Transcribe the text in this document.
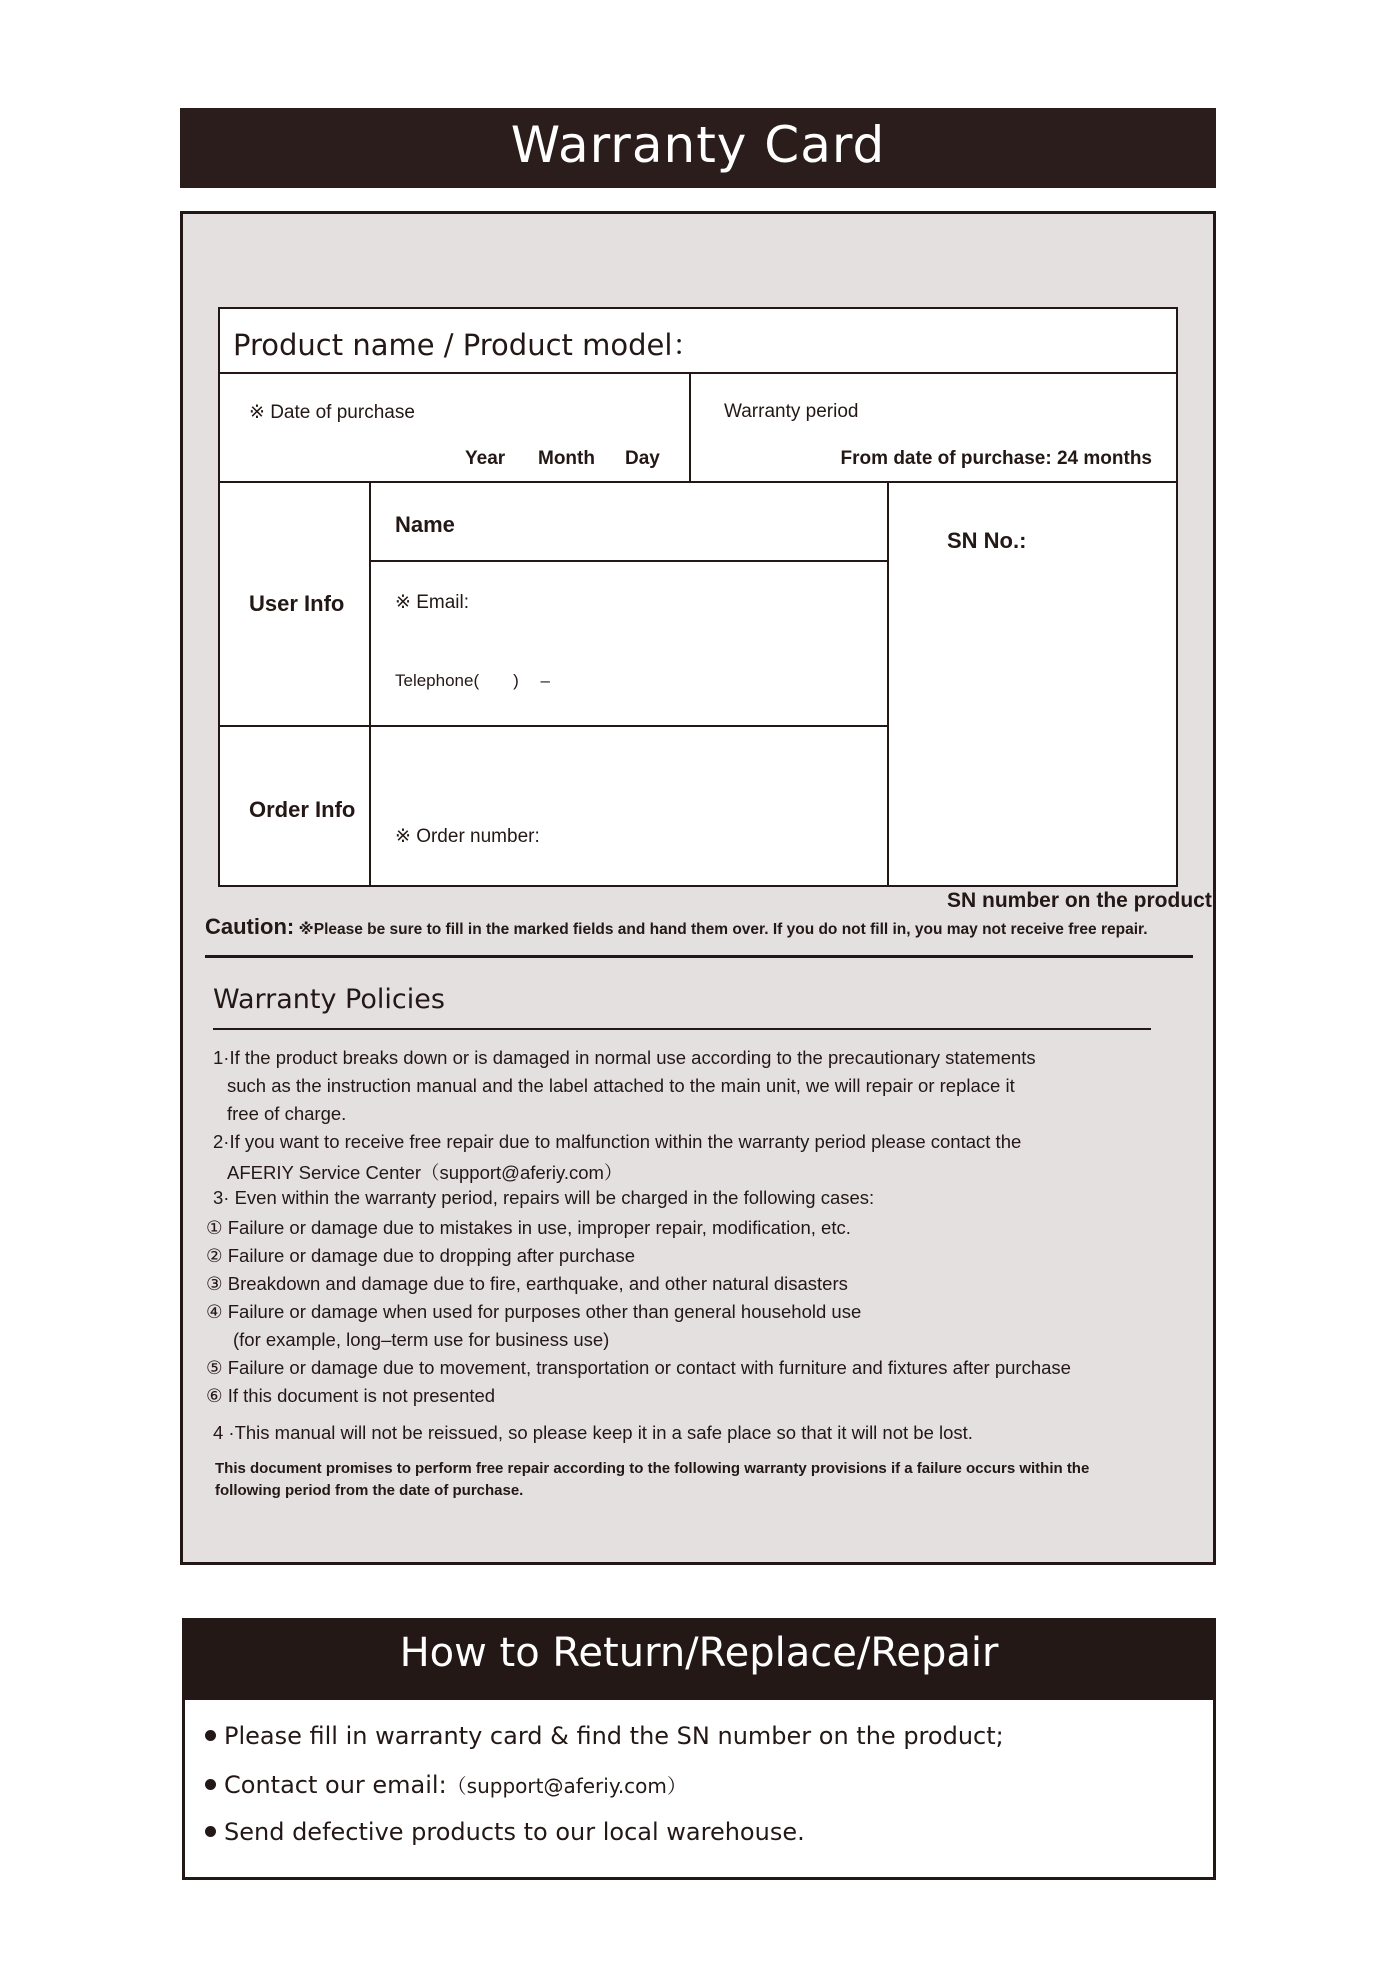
Warranty Card
Product name / Product model：
※ Date of purchase
Year Month Day
Warranty period
From date of purchase: 24 months
User Info
Name
※ Email:
Telephone(　　)　 –
SN No.:
Order Info
※ Order number:
SN number on the product
Caution: ※Please be sure to fill in the marked fields and hand them over. If you do not fill in, you may not receive free repair.
Warranty Policies
1·If the product breaks down or is damaged in normal use according to the precautionary statements
such as the instruction manual and the label attached to the main unit, we will repair or replace it
free of charge.
2·If you want to receive free repair due to malfunction within the warranty period please contact the
AFERIY Service Center（support@aferiy.com）
3· Even within the warranty period, repairs will be charged in the following cases:
① Failure or damage due to mistakes in use, improper repair, modification, etc.
② Failure or damage due to dropping after purchase
③ Breakdown and damage due to fire, earthquake, and other natural disasters
④ Failure or damage when used for purposes other than general household use
(for example, long–term use for business use)
⑤ Failure or damage due to movement, transportation or contact with furniture and fixtures after purchase
⑥ If this document is not presented
4 ·This manual will not be reissued, so please keep it in a safe place so that it will not be lost.
This document promises to perform free repair according to the following warranty provisions if a failure occurs within the
following period from the date of purchase.
How to Return/Replace/Repair
Please fill in warranty card & find the SN number on the product;
Contact our email:（support@aferiy.com）
Send defective products to our local warehouse.
